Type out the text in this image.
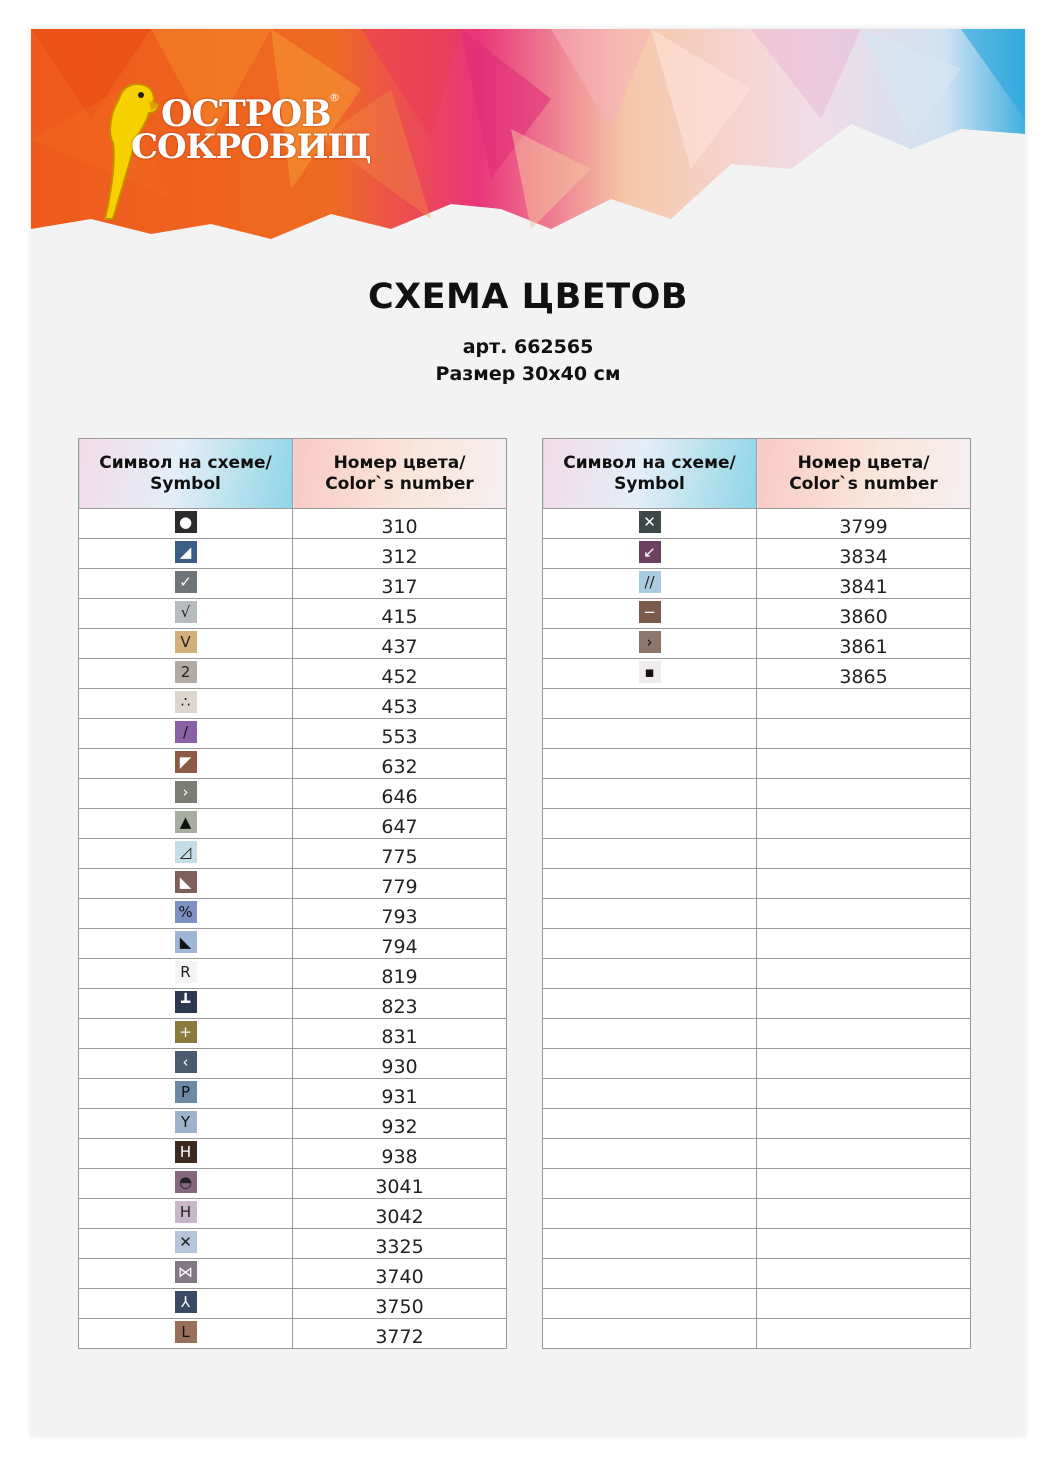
ОСТРОВ
СОКРОВИЩ
®
СХЕМА ЦВЕТОВ
арт. 662565
Размер 30х40 см
Символ на схеме/
Symbol	Номер цвета/
Color`s number
●	310
◢	312
✓	317
√	415
V	437
2	452
∴	453
/	553
◤	632
›	646
▲	647
◿	775
◣	779
%	793
◣	794
R	819
┻	823
+	831
‹	930
P	931
Y	932
H	938
◓	3041
H	3042
✕	3325
⋈	3740
⅄	3750
L	3772
Символ на схеме/
Symbol	Номер цвета/
Color`s number
✕	3799
↙	3834
//	3841
−	3860
›	3861
▪	3865
